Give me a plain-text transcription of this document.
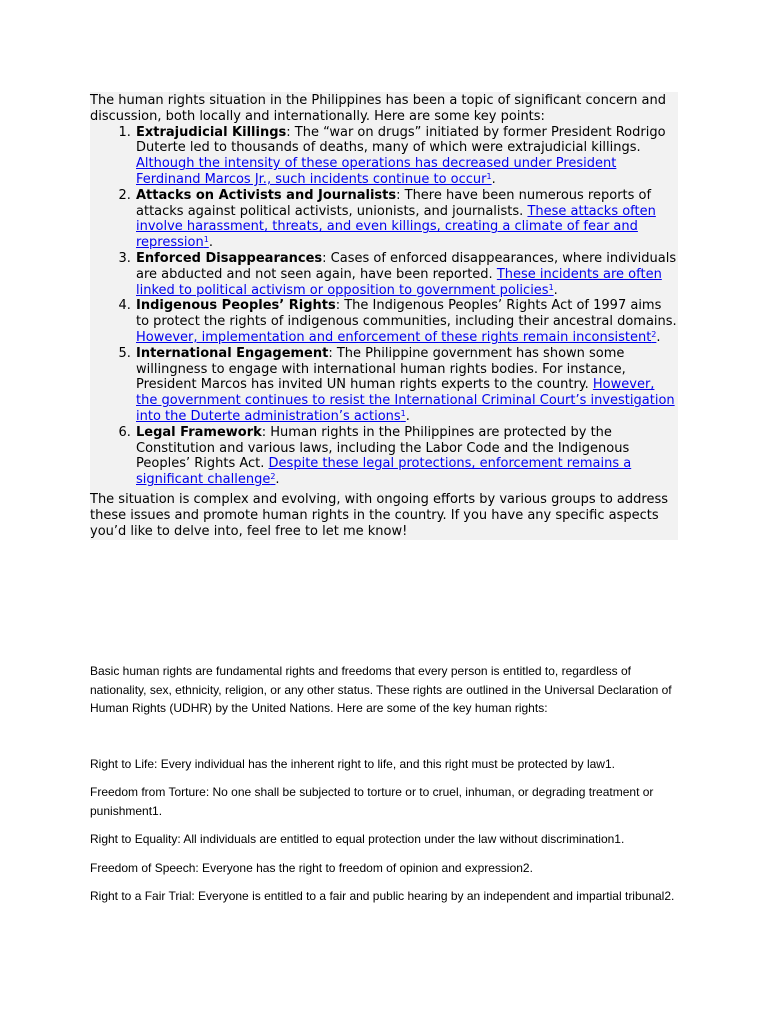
The human rights situation in the Philippines has been a topic of significant concern and discussion, both locally and internationally. Here are some key points:

1. Extrajudicial Killings: The “war on drugs” initiated by former President Rodrigo Duterte led to thousands of deaths, many of which were extrajudicial killings. Although the intensity of these operations has decreased under President Ferdinand Marcos Jr., such incidents continue to occur$^1$.
2. Attacks on Activists and Journalists: There have been numerous reports of attacks against political activists, unionists, and journalists. These attacks often involve harassment, threats, and even killings, creating a climate of fear and repression$^1$.
3. Enforced Disappearances: Cases of enforced disappearances, where individuals are abducted and not seen again, have been reported. These incidents are often linked to political activism or opposition to government policies$^1$.
4. Indigenous Peoples’ Rights: The Indigenous Peoples’ Rights Act of 1997 aims to protect the rights of indigenous communities, including their ancestral domains. However, implementation and enforcement of these rights remain inconsistent$^2$.
5. International Engagement: The Philippine government has shown some willingness to engage with international human rights bodies. For instance, President Marcos has invited UN human rights experts to the country. However, the government continues to resist the International Criminal Court’s investigation into the Duterte administration’s actions$^1$.
6. Legal Framework: Human rights in the Philippines are protected by the Constitution and various laws, including the Labor Code and the Indigenous Peoples’ Rights Act. Despite these legal protections, enforcement remains a significant challenge$^2$.

The situation is complex and evolving, with ongoing efforts by various groups to address these issues and promote human rights in the country. If you have any specific aspects you’d like to delve into, feel free to let me know!

Basic human rights are fundamental rights and freedoms that every person is entitled to, regardless of nationality, sex, ethnicity, religion, or any other status. These rights are outlined in the Universal Declaration of Human Rights (UDHR) by the United Nations. Here are some of the key human rights:

Right to Life: Every individual has the inherent right to life, and this right must be protected by law1.

Freedom from Torture: No one shall be subjected to torture or to cruel, inhuman, or degrading treatment or punishment1.

Right to Equality: All individuals are entitled to equal protection under the law without discrimination1.

Freedom of Speech: Everyone has the right to freedom of opinion and expression2.

Right to a Fair Trial: Everyone is entitled to a fair and public hearing by an independent and impartial tribunal2.
